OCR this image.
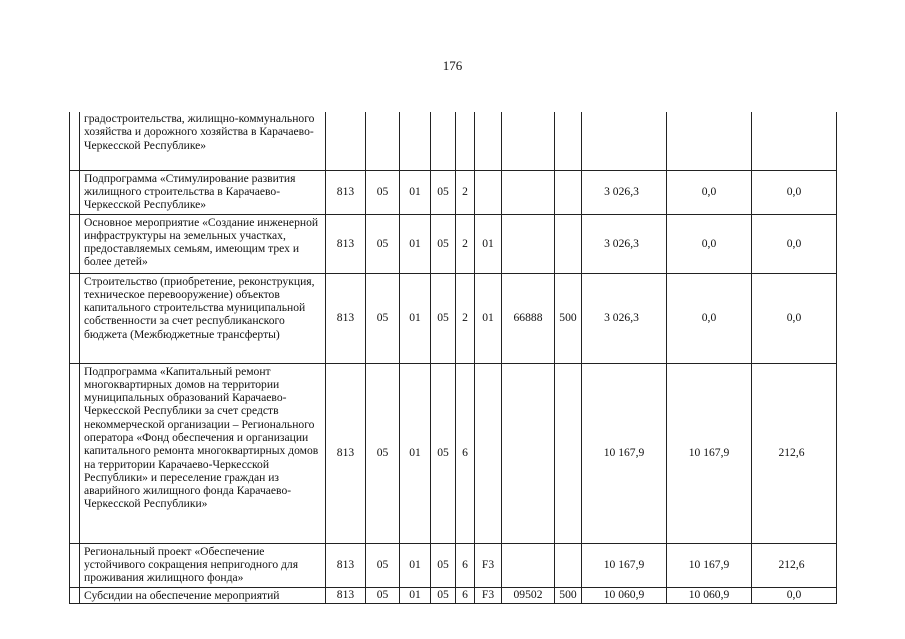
176
	градостроительства, жилищно-коммунального хозяйства и дорожного хозяйства в Карачаево-Черкесской Республике»											
	Подпрограмма «Стимулирование развития жилищного строительства в Карачаево-Черкесской Республике»	813	05	01	05	2				3 026,3	0,0	0,0
	Основное мероприятие «Создание инженерной инфраструктуры на земельных участках, предоставляемых семьям, имеющим трех и более детей»	813	05	01	05	2	01			3 026,3	0,0	0,0
	Строительство (приобретение, реконструкция, техническое перевооружение) объектов капитального строительства муниципальной собственности за счет республиканского бюджета (Межбюджетные трансферты)	813	05	01	05	2	01	66888	500	3 026,3	0,0	0,0
	Подпрограмма «Капитальный ремонт многоквартирных домов на территории муниципальных образований Карачаево-Черкесской Республики за счет средств некоммерческой организации – Регионального оператора «Фонд обеспечения и организации капитального ремонта многоквартирных домов на территории Карачаево-Черкесской Республики» и переселение граждан из аварийного жилищного фонда Карачаево-Черкесской Республики»	813	05	01	05	6				10 167,9	10 167,9	212,6
	Региональный проект «Обеспечение устойчивого сокращения непригодного для проживания жилищного фонда»	813	05	01	05	6	F3			10 167,9	10 167,9	212,6
	Субсидии на обеспечение мероприятий	813	05	01	05	6	F3	09502	500	10 060,9	10 060,9	0,0
